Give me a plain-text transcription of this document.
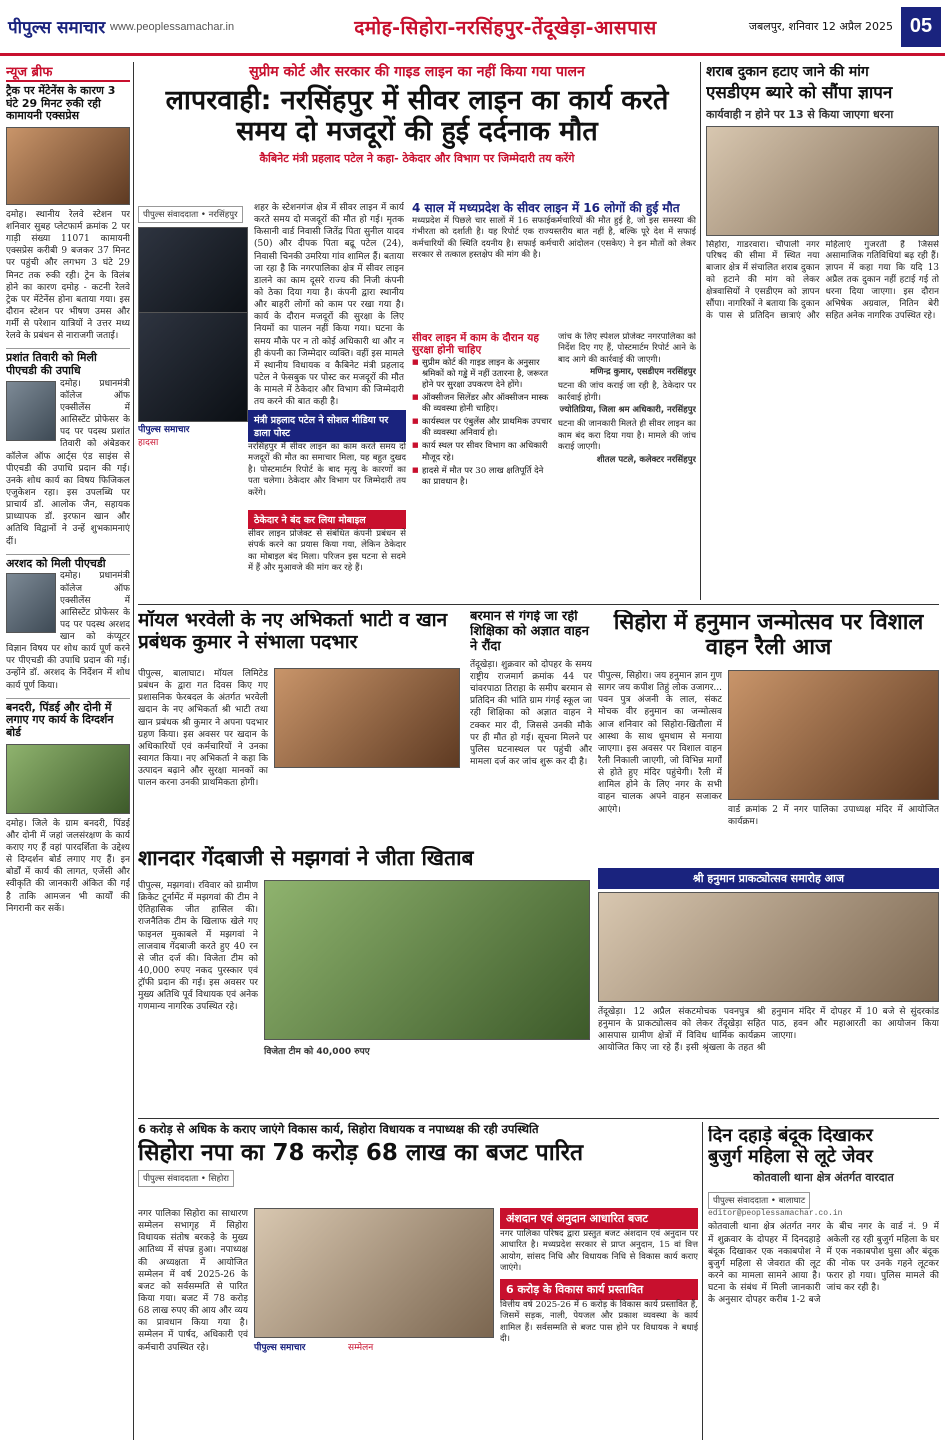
पीपुल्स समाचार www.peoplessamachar.in	दमोह-सिहोरा-नरसिंहपुर-तेंदूखेड़ा-आसपास	जबलपुर, शनिवार 12 अप्रैल 2025 05
न्यूज ब्रीफ
ट्रैक पर मेंटेनेंस के कारण 3 घंटे 29 मिनट रुकी रही कामायनी एक्सप्रेस
दमोह। स्थानीय रेलवे स्टेशन पर शनिवार सुबह प्लेटफार्म क्रमांक 2 पर गाड़ी संख्या 11071 कामायनी एक्सप्रेस करीबी 9 बजकर 37 मिनट पर पहुंची और लगभग 3 घंटे 29 मिनट तक रुकी रही। ट्रेन के विलंब होने का कारण दमोह - कटनी रेलवे ट्रेक पर मेंटेनेंस होना बताया गया। इस दौरान स्टेशन पर भीषण उमस और गर्मी से परेशान यात्रियों ने उत्तर मध्य रेलवे के प्रबंधन से नाराजगी जताई।
प्रशांत तिवारी को मिली पीएचडी की उपाधि
दमोह। प्रधानमंत्री कॉलेज ऑफ एक्सीलेंस में आसिस्टेंट प्रोफेसर के पद पर पदस्थ प्रशांत तिवारी को अंबेडकर कॉलेज ऑफ आर्ट्स एंड साइंस से पीएचडी की उपाधि प्रदान की गई। उनके शोध कार्य का विषय फिजिकल एजुकेशन रहा। इस उपलब्धि पर प्राचार्य डॉ. आलोक जैन, सहायक प्राध्यापक डॉ. इरफान खान और अतिथि विद्वानों ने उन्हें शुभकामनाएं दीं।
अरशद को मिली पीएचडी
दमोह। प्रधानमंत्री कॉलेज ऑफ एक्सीलेंस में आसिस्टेंट प्रोफेसर के पद पर पदस्थ अरशद खान को कंप्यूटर विज्ञान विषय पर शोध कार्य पूर्ण करने पर पीएचडी की उपाधि प्रदान की गई। उन्होंने डॉ. अरशद के निर्देशन में शोध कार्य पूर्ण किया।
बनदरी, पिंडई और दोनी में लगाए गए कार्य के दिग्दर्शन बोर्ड
दमोह। जिले के ग्राम बनदरी, पिंडई और दोनी में जहां जलसंरक्षण के कार्य कराए गए हैं वहां पारदर्शिता के उद्देश्य से दिग्दर्शन बोर्ड लगाए गए हैं। इन बोर्डों में कार्य की लागत, एजेंसी और स्वीकृति की जानकारी अंकित की गई है ताकि आमजन भी कार्यों की निगरानी कर सकें।
सुप्रीम कोर्ट और सरकार की गाइड लाइन का नहीं किया गया पालन
लापरवाही: नरसिंहपुर में सीवर लाइन का कार्य करते समय दो मजदूरों की हुई दर्दनाक मौत
कैबिनेट मंत्री प्रहलाद पटेल ने कहा- ठेकेदार और विभाग पर जिम्मेदारी तय करेंगे
पीपुल्स संवाददाता • नरसिंहपुर
शहर के स्टेशनगंज क्षेत्र में सीवर लाइन में कार्य करते समय दो मजदूरों की मौत हो गई। मृतक किसानी वार्ड निवासी जितेंद्र पिता सुनील यादव (50) और दीपक पिता बद्रू पटेल (24), निवासी चिनकी उमरिया गांव शामिल हैं। बताया जा रहा है कि नगरपालिका क्षेत्र में सीवर लाइन डालने का काम दूसरे राज्य की निजी कंपनी को ठेका दिया गया है। कंपनी द्वारा स्थानीय और बाहरी लोगों को काम पर रखा गया है। कार्य के दौरान मजदूरों की सुरक्षा के लिए नियमों का पालन नहीं किया गया। घटना के समय मौके पर न तो कोई अधिकारी था और न ही कंपनी का जिम्मेदार व्यक्ति। वहीं इस मामले में स्थानीय विधायक व कैबिनेट मंत्री प्रहलाद पटेल ने फेसबुक पर पोस्ट कर मजदूरों की मौत के मामले में ठेकेदार और विभाग की जिम्मेदारी तय करने की बात कही है।
पीपुल्स समाचार
हादसा
4 साल में मध्यप्रदेश के सीवर लाइन में 16 लोगों की हुई मौत
मध्यप्रदेश में पिछले चार सालों में 16 सफाईकर्मचारियों की मौत हुई है, जो इस समस्या की गंभीरता को दर्शाती है। यह रिपोर्ट एक राज्यस्तरीय बात नहीं है, बल्कि पूरे देश में सफाई कर्मचारियों की स्थिति दयनीय है। सफाई कर्मचारी आंदोलन (एसकेए) ने इन मौतों को लेकर सरकार से तत्काल हस्तक्षेप की मांग की है।
सीवर लाइन में काम के दौरान यह सुरक्षा होनी चाहिए
■ सुप्रीम कोर्ट की गाइड लाइन के अनुसार श्रमिकों को गड्ढे में नहीं उतारना है, जरूरत होने पर सुरक्षा उपकरण देने होंगे।
■ ऑक्सीजन सिलेंडर और ऑक्सीजन मास्क की व्यवस्था होनी चाहिए।
■ कार्यस्थल पर एंबुलेंस और प्राथमिक उपचार की व्यवस्था अनिवार्य हो।
■ कार्य स्थल पर सीवर विभाग का अधिकारी मौजूद रहे।
■ हादसे में मौत पर 30 लाख क्षतिपूर्ति देने का प्रावधान है।
जांच के लिए स्पेशल प्रोजेक्ट नगरपालिका को निर्देश दिए गए हैं, पोस्टमार्टम रिपोर्ट आने के बाद आगे की कार्रवाई की जाएगी।
मणिन्द्र कुमार, एसडीएम नरसिंहपुर
घटना की जांच कराई जा रही है, ठेकेदार पर कार्रवाई होगी।
ज्योतिप्रिया, जिला श्रम अधिकारी, नरसिंहपुर
घटना की जानकारी मिलते ही सीवर लाइन का काम बंद करा दिया गया है। मामले की जांच कराई जाएगी।
शीतल पटले, कलेक्टर नरसिंहपुर
मंत्री प्रहलाद पटेल ने सोशल मीडिया पर डाला पोस्ट
नरसिंहपुर में सीवर लाइन का काम करते समय दो मजदूरों की मौत का समाचार मिला, यह बहुत दुखद है। पोस्टमार्टम रिपोर्ट के बाद मृत्यु के कारणों का पता चलेगा। ठेकेदार और विभाग पर जिम्मेदारी तय करेंगे।
ठेकेदार ने बंद कर लिया मोबाइल
सीवर लाइन प्रोजेक्ट से संबंधित कंपनी प्रबंधन से संपर्क करने का प्रयास किया गया, लेकिन ठेकेदार का मोबाइल बंद मिला। परिजन इस घटना से सदमे में हैं और मुआवजे की मांग कर रहे हैं।
शराब दुकान हटाए जाने की मांग
एसडीएम ब्यारे को सौंपा ज्ञापन
कार्यवाही न होने पर 13 से किया जाएगा धरना
सिहोरा, गाडरवारा। चौपाली नगर परिषद की सीमा में स्थित नया बाजार क्षेत्र में संचालित शराब दुकान को हटाने की मांग को लेकर क्षेत्रवासियों ने एसडीएम को ज्ञापन सौंपा। नागरिकों ने बताया कि दुकान के पास से प्रतिदिन छात्राएं और महिलाएं गुजरती हैं जिससे असामाजिक गतिविधियां बढ़ रही हैं। ज्ञापन में कहा गया कि यदि 13 अप्रैल तक दुकान नहीं हटाई गई तो धरना दिया जाएगा। इस दौरान अभिषेक अग्रवाल, नितिन बेरी सहित अनेक नागरिक उपस्थित रहे।
मॉयल भरवेली के नए अभिकर्ता भाटी व खान प्रबंधक कुमार ने संभाला पदभार
पीपुल्स, बालाघाट। मॉयल लिमिटेड प्रबंधन के द्वारा गत दिवस किए गए प्रशासनिक फेरबदल के अंतर्गत भरवेली खदान के नए अभिकर्ता श्री भाटी तथा खान प्रबंधक श्री कुमार ने अपना पदभार ग्रहण किया। इस अवसर पर खदान के अधिकारियों एवं कर्मचारियों ने उनका स्वागत किया। नए अभिकर्ता ने कहा कि उत्पादन बढ़ाने और सुरक्षा मानकों का पालन करना उनकी प्राथमिकता होगी।
बरमान से गंगई जा रही शिक्षिका को अज्ञात वाहन ने रौंदा
तेंदूखेड़ा। शुक्रवार को दोपहर के समय राष्ट्रीय राजमार्ग क्रमांक 44 पर चांवरपाठा तिराहा के समीप बरमान से प्रतिदिन की भांति ग्राम गंगई स्कूल जा रही शिक्षिका को अज्ञात वाहन ने टक्कर मार दी, जिससे उनकी मौके पर ही मौत हो गई। सूचना मिलने पर पुलिस घटनास्थल पर पहुंची और मामला दर्ज कर जांच शुरू कर दी है।
सिहोरा में हनुमान जन्मोत्सव पर विशाल वाहन रैली आज
पीपुल्स, सिहोरा। जय हनुमान ज्ञान गुण सागर जय कपीश तिहुं लोक उजागर... पवन पुत्र अंजनी के लाल, संकट मोचक वीर हनुमान का जन्मोत्सव आज शनिवार को सिहोरा-खितौला में आस्था के साथ धूमधाम से मनाया जाएगा। इस अवसर पर विशाल वाहन रैली निकाली जाएगी, जो विभिन्न मार्गों से होते हुए मंदिर पहुंचेगी। रैली में शामिल होने के लिए नगर के सभी वाहन चालक अपने वाहन सजाकर आएंगे।	वार्ड क्रमांक 2 में नगर पालिका उपाध्यक्ष मंदिर में आयोजित कार्यक्रम।
श्री हनुमान प्राकट्योत्सव समारोह आज
तेंदूखेड़ा। 12 अप्रैल संकटमोचक पवनपुत्र श्री हनुमान के प्राकट्योत्सव को लेकर तेंदूखेड़ा सहित आसपास ग्रामीण क्षेत्रों में विविध धार्मिक कार्यक्रम आयोजित किए जा रहे हैं। इसी श्रृंखला के तहत श्री हनुमान मंदिर में दोपहर में 10 बजे से सुंदरकांड पाठ, हवन और महाआरती का आयोजन किया जाएगा।
शानदार गेंदबाजी से मझगवां ने जीता खिताब
पीपुल्स, मझगवां। रविवार को ग्रामीण क्रिकेट टूर्नामेंट में मझगवां की टीम ने ऐतिहासिक जीत हासिल की। राजनैतिक टीम के खिलाफ खेले गए फाइनल मुकाबले में मझगवां ने लाजवाब गेंदबाजी करते हुए 40 रन से जीत दर्ज की। विजेता टीम को 40,000 रुपए नकद पुरस्कार एवं ट्रॉफी प्रदान की गई। इस अवसर पर मुख्य अतिथि पूर्व विधायक एवं अनेक गणमान्य नागरिक उपस्थित रहे।
विजेता टीम को 40,000 रुपए
6 करोड़ से अधिक के कराए जाएंगे विकास कार्य, सिहोरा विधायक व नपाध्यक्ष की रही उपस्थिति
सिहोरा नपा का 78 करोड़ 68 लाख का बजट पारित
पीपुल्स संवाददाता • सिहोरा
नगर पालिका सिहोरा का साधारण सम्मेलन सभागृह में सिहोरा विधायक संतोष बरकड़े के मुख्य आतिथ्य में संपन्न हुआ। नपाध्यक्ष की अध्यक्षता में आयोजित सम्मेलन में वर्ष 2025-26 के बजट को सर्वसम्मति से पारित किया गया। बजट में 78 करोड़ 68 लाख रुपए की आय और व्यय का प्रावधान किया गया है। सम्मेलन में पार्षद, अधिकारी एवं कर्मचारी उपस्थित रहे।	पीपुल्स समाचार	सम्मेलन
अंशदान एवं अनुदान आधारित बजट
नगर पालिका परिषद द्वारा प्रस्तुत बजट अंशदान एवं अनुदान पर आधारित है। मध्यप्रदेश सरकार से प्राप्त अनुदान, 15 वां वित्त आयोग, सांसद निधि और विधायक निधि से विकास कार्य कराए जाएंगे।
6 करोड़ के विकास कार्य प्रस्तावित
वित्तीय वर्ष 2025-26 में 6 करोड़ के विकास कार्य प्रस्तावित हैं, जिसमें सड़क, नाली, पेयजल और प्रकाश व्यवस्था के कार्य शामिल हैं। सर्वसम्मति से बजट पास होने पर विधायक ने बधाई दी।
दिन दहाड़े बंदूक दिखाकर
बुजुर्ग महिला से लूटे जेवर
कोतवाली थाना क्षेत्र अंतर्गत वारदात
पीपुल्स संवाददाता • बालाघाट
editor@peoplessamachar.co.in
कोतवाली थाना क्षेत्र अंतर्गत नगर में शुक्रवार के दोपहर में दिनदहाड़े बंदूक दिखाकर एक नकाबपोश ने बुजुर्ग महिला से जेवरात की लूट करने का मामला सामने आया है। घटना के संबंध में मिली जानकारी के अनुसार दोपहर करीब 1-2 बजे के बीच नगर के वार्ड नं. 9 में अकेली रह रही बुजुर्ग महिला के घर में एक नकाबपोश घुसा और बंदूक की नोक पर उनके गहने लूटकर फरार हो गया। पुलिस मामले की जांच कर रही है।
